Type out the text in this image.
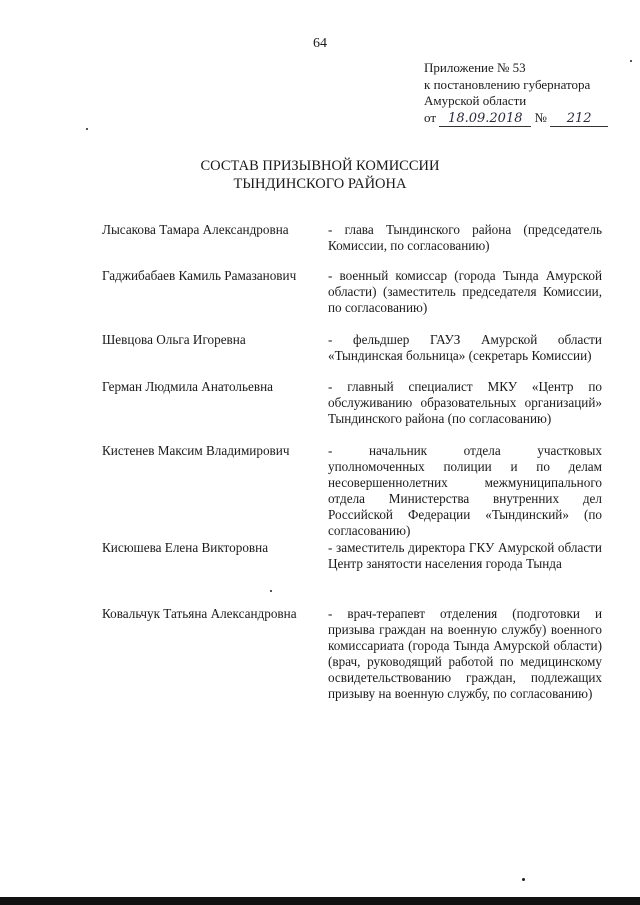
64
Приложение № 53
к постановлению губернатора
Амурской области
от 18.09.2018 № 212
СОСТАВ ПРИЗЫВНОЙ КОМИССИИ
ТЫНДИНСКОГО РАЙОНА
Лысакова Тамара Александровна	- глава Тындинского района (председатель Комиссии, по согласованию)
Гаджибабаев Камиль Рамазанович	- военный комиссар (города Тында Амурской области) (заместитель председателя Комиссии, по согласованию)
Шевцова Ольга Игоревна	- фельдшер ГАУЗ Амурской области «Тындинская больница» (секретарь Комиссии)
Герман Людмила Анатольевна	- главный специалист МКУ «Центр по обслуживанию образовательных организаций» Тындинского района (по согласованию)
Кистенев Максим Владимирович	- начальник отдела участковых уполномоченных полиции и по делам несовершеннолетних межмуниципального отдела Министерства внутренних дел Российской Федерации «Тындинский» (по согласованию)
Кисюшева Елена Викторовна	- заместитель директора ГКУ Амурской области Центр занятости населения города Тында
Ковальчук Татьяна Александровна	- врач-терапевт отделения (подготовки и призыва граждан на военную службу) военного комиссариата (города Тында Амурской области) (врач, руководящий работой по медицинскому освидетельствованию граждан, подлежащих призыву на военную службу, по согласованию)
